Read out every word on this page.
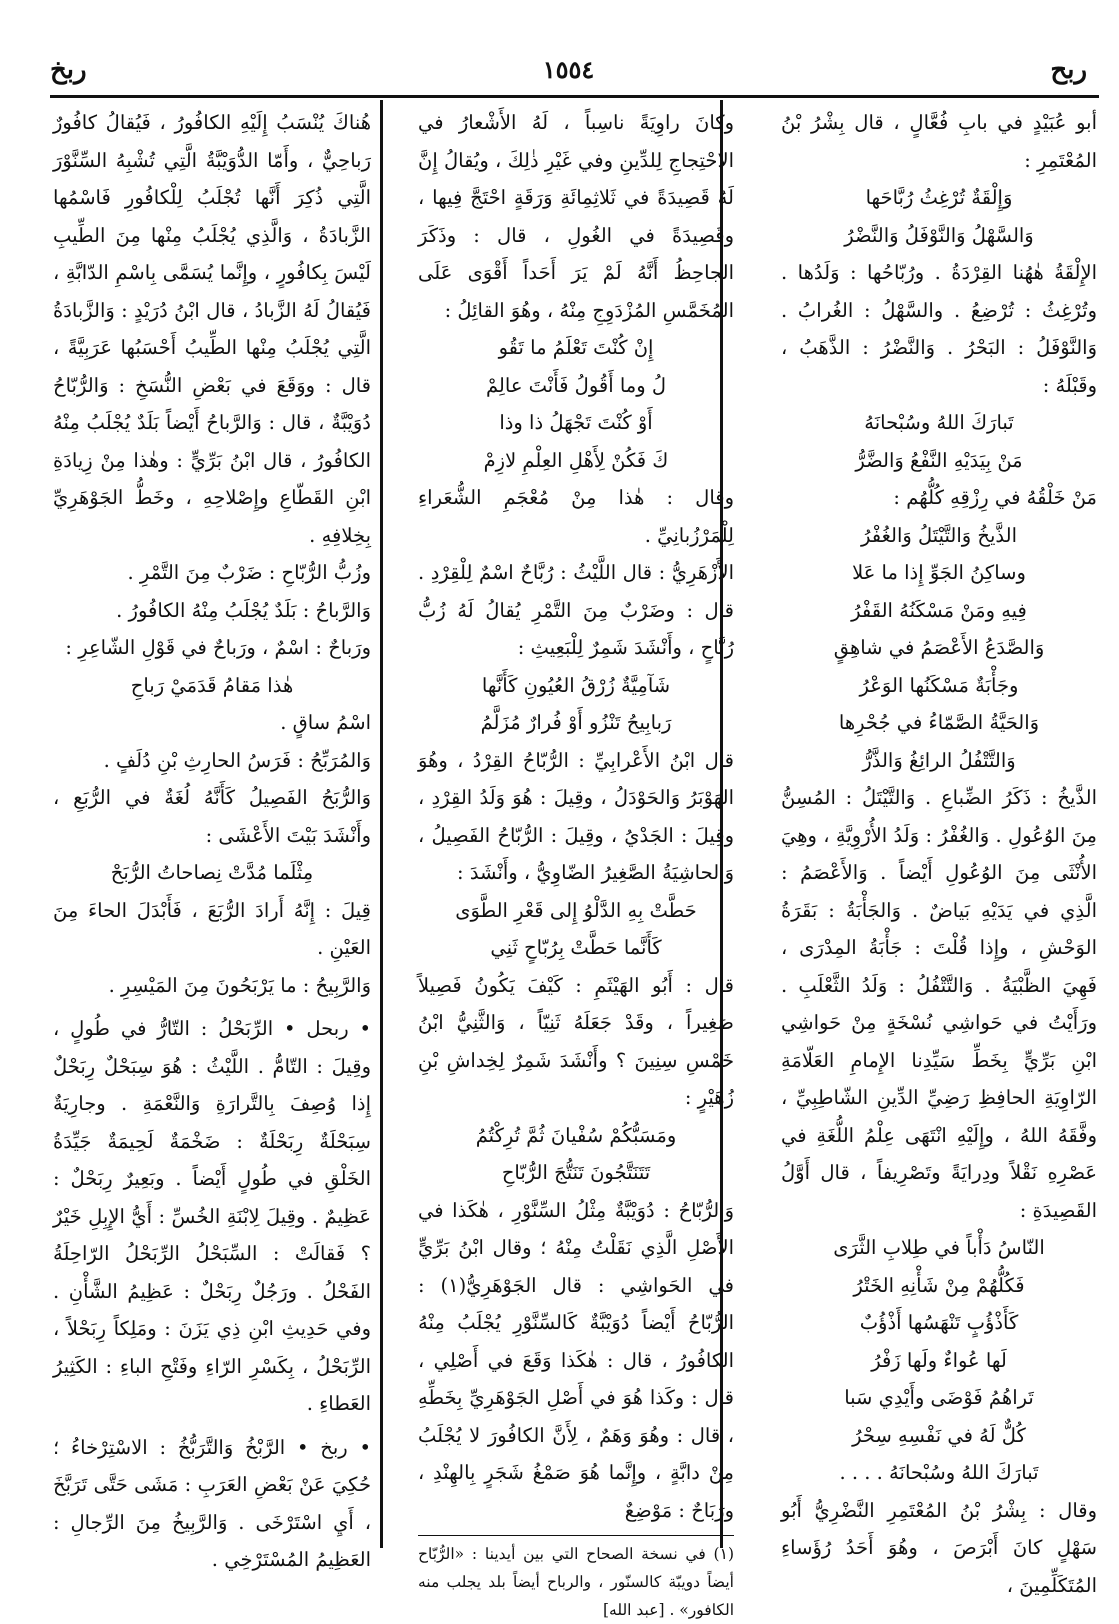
ربح
١٥٥٤
ربخ

أبو عُبَيْدٍ في بابِ فُعَّالٍ ، قال بِشْرُ بْنُ المُعْتَمِرِ :

وَإِلْقَةٌ تُرْغِثُ رُبَّاحَها

وَالسَّهْلُ وَالنَّوْفَلُ وَالنَّضْرُ

الإِلْقَةُ هٰهُنا القِرْدَةُ . ورُبّاحُها : وَلَدُها . وتُرْغِثُ : تُرْضِعُ . والسَّهْلُ : الغُرابُ . وَالنَّوْفَلُ : البَحْرُ . وَالنَّضْرُ : الذَّهَبُ ، وقَبْلَهُ :

تَبارَكَ اللهُ وسُبْحانَهُ

مَنْ بِيَدَيْهِ النَّفْعُ وَالضَّرُّ

مَنْ خَلْقُهُ في رِزْقِهِ كُلُّهُم :

الذَّيخُ وَالتَّيْتَلُ وَالغُفْرُ

وساكِنُ الجَوِّ إِذا ما عَلا

فِيهِ ومَنْ مَسْكَنُهُ القَفْرُ

وَالصَّدَعُ الأَعْصَمُ في شاهِقٍ

وجَأْبَةٌ مَسْكَنُها الوَعْرُ

وَالحَيَّةُ الصَّمّاءُ في جُحْرِها

وَالتَّتْفُلُ الرائِغُ وَالذَّرُّ

الذَّيخُ : ذَكَرُ الضِّباعِ . وَالتَّيْتَلُ : المُسِنُّ مِنَ الوُعُولِ . وَالغُفْرُ : وَلَدُ الأُرْوِيَّةِ ، وهِيَ الأُنْثَى مِنَ الوُعُولِ أَيْضاً . وَالأَعْصَمُ : الَّذِي في يَدَيْهِ بَياضٌ . وَالجَأْبَةُ : بَقَرَةُ الوَحْشِ ، وإِذا قُلْتَ : جَأْبَةُ المِدْرَى ، فَهِيَ الظَّبْيَةُ . وَالتَّتْفُلُ : وَلَدُ الثَّعْلَبِ . ورَأَيْتُ في حَواشِي نُسْخَةٍ مِنْ حَواشِي ابْنِ بَرِّيٍّ بِخَطِّ سَيِّدِنا الإِمامِ العَلّامَةِ الرّاوِيَةِ الحافِظِ رَضِيِّ الدِّينِ الشّاطِبِيِّ ، وفَّقَهُ اللهُ ، وإِلَيْهِ انْتَهَى عِلْمُ اللُّغَةِ في عَصْرِهِ نَقْلاً ودِرايَةً وتَصْرِيفاً ، قال أَوَّلُ القَصِيدَةِ :

النّاسُ دَأْباً في طِلابِ الثَّرَى

فَكُلُّهُمْ مِنْ شَأْنِهِ الخَتْرُ

كَأَذْؤُبٍ تَنْهَسُها أَذْؤُبٌ

لَها عُواءٌ ولَها زَفْرُ

تَراهُمُ فَوْضَى وأَيْدِي سَبا

كُلٌّ لَهُ في نَفْسِهِ سِحْرُ

تَبارَكَ اللهُ وسُبْحانَهُ . . . .

وقال : بِشْرُ بْنُ المُعْتَمِرِ النَّضْرِيُّ أَبُو سَهْلٍ كانَ أَبْرَصَ ، وهُوَ أَحَدُ رُؤَساءِ المُتَكَلِّمِينَ ،

وكانَ راوِيَةً ناسِباً ، لَهُ الأَشْعارُ في الاحْتِجاجِ لِلدِّينِ وفي غَيْرِ ذٰلِكَ ، ويُقالُ إِنَّ لَهُ قَصِيدَةً في ثَلاثِمِائَةِ وَرَقَةٍ احْتَجَّ فِيها ، وقَصِيدَةً في الغُولِ ، قال : وذَكَرَ الجاحِظُ أَنَّهُ لَمْ يَرَ أَحَداً أَقْوَى عَلَى المُخَمَّسِ المُزْدَوِجِ مِنْهُ ، وهُوَ القائِلُ :

إِنْ كُنْتَ تَعْلَمُ ما تَقُو

لُ وما أَقُولُ فَأَنْتَ عالِمْ

أَوْ كُنْتَ تَجْهَلُ ذا وذا

كَ فَكُنْ لِأَهْلِ العِلْمِ لازِمْ

وقال : هٰذا مِنْ مُعْجَمِ الشُّعَراءِ لِلْمَرْزُبانِيِّ .

الأَزْهَرِيُّ : قال اللَّيْثُ : رُبَّاحٌ اسْمٌ لِلْقِرْدِ . قال : وضَرْبٌ مِنَ التَّمْرِ يُقالُ لَهُ زُبُّ رُبَّاحٍ ، وأَنْشَدَ شَمِرٌ لِلْبَعِيثِ :

شَآمِيَّةٌ زُرْقُ العُيُونِ كَأَنَّها

رَبابِيحُ تَنْزُو أَوْ فُرارٌ مُزَلَّمُ

قال ابْنُ الأَعْرابِيِّ : الرُّبّاحُ القِرْدُ ، وهُوَ الهَوْبَرُ وَالحَوْدَلُ ، وقِيلَ : هُوَ وَلَدُ القِرْدِ ، وقِيلَ : الجَدْيُ ، وقِيلَ : الرُّبّاحُ الفَصِيلُ ، وَالحاشِيَةُ الصَّغِيرُ الضّاوِيُّ ، وأَنْشَدَ :

حَطَّتْ بِهِ الدَّلْوُ إِلى قَعْرِ الطَّوَى

كَأَنَّما حَطَّتْ بِرُبّاحٍ ثَنِي

قال : أَبُو الهَيْثَمِ : كَيْفَ يَكُونُ فَصِيلاً صَغِيراً ، وقَدْ جَعَلَهُ ثَنِيّاً ، وَالثَّنِيُّ ابْنُ خَمْسِ سِنِينَ ؟ وأَنْشَدَ شَمِرٌ لِخِداشِ بْنِ زُهَيْرٍ :

ومَسَبُّكُمْ سُفْيانَ ثُمَّ تُرِكْتُمُ

تَتَنَتَّجُونَ تَنَتُّجَ الرُّبّاحِ

وَالرُّبّاحُ : دُوَيْبَّةٌ مِثْلُ السِّنَّوْرِ ، هٰكَذا في الأَصْلِ الَّذِي نَقَلْتُ مِنْهُ ؛ وقال ابْنُ بَرِّيٍّ في الحَواشِي : قال الجَوْهَرِيُّ(١) : الرُّبّاحُ أَيْضاً دُوَيْبَّةٌ كَالسِّنَّوْرِ يُجْلَبُ مِنْهُ الكافُورُ ، قال : هٰكَذا وَقَعَ في أَصْلِي ، قال : وكَذا هُوَ في أَصْلِ الجَوْهَرِيِّ بِخَطِّهِ ، قال : وهُوَ وَهَمٌ ، لِأَنَّ الكافُورَ لا يُجْلَبُ مِنْ دابَّةٍ ، وإِنَّما هُوَ صَمْغُ شَجَرٍ بِالهِنْدِ ، ورَبَاحٌ : مَوْضِعٌ

(١) في نسخة الصحاح التي بين أيدينا : «الرُّبّاح أيضاً دويبّة كالسنّور ، والرباح أيضاً بلد يجلب منه الكافور» . [عبد الله]

هُناكَ يُنْسَبُ إِلَيْهِ الكافُورُ ، فَيُقالُ كافُورٌ رَباحِيٌّ ، وأَمّا الدُّوَيْبَّةُ الَّتِي تُشْبِهُ السِّنَّوْرَ الَّتِي ذُكِرَ أَنَّها تُجْلَبُ لِلْكافُورِ فَاسْمُها الزَّبادَةُ ، وَالَّذِي يُجْلَبُ مِنْها مِنَ الطِّيبِ لَيْسَ بِكافُورٍ ، وإِنَّما يُسَمَّى بِاسْمِ الدّابَّةِ ، فَيُقالُ لَهُ الزَّبادُ ، قال ابْنُ دُرَيْدٍ : وَالزَّبادَةُ الَّتِي يُجْلَبُ مِنْها الطِّيبُ أَحْسَبُها عَرَبِيَّةً ، قال : ووَقَعَ في بَعْضِ النُّسَخِ : وَالرُّبّاحُ دُوَيْبَّةٌ ، قال : وَالرَّباحُ أَيْضاً بَلَدٌ يُجْلَبُ مِنْهُ الكافُورُ ، قال ابْنُ بَرِّيٍّ : وهٰذا مِنْ زِيادَةِ ابْنِ القَطّاعِ وإِصْلاحِهِ ، وخَطُّ الجَوْهَرِيِّ بِخِلافِهِ .

وزُبُّ الرُّبّاحِ : ضَرْبٌ مِنَ التَّمْرِ .

وَالرَّباحُ : بَلَدٌ يُجْلَبُ مِنْهُ الكافُورُ .

ورَباحٌ : اسْمٌ ، ورَباحٌ في قَوْلِ الشّاعِرِ :

هٰذا مَقامُ قَدَمَيْ رَباحِ

اسْمُ ساقٍ .

وَالمُرَبِّحُ : فَرَسُ الحارِثِ بْنِ دُلَفٍ .

وَالرُّبَحُ الفَصِيلُ كَأَنَّهُ لُغَةٌ في الرُّبَعِ ، وأَنْشَدَ بَيْتَ الأَعْشَى :

مِثْلَما مُدَّتْ نِصاحاتُ الرُّبَحْ

قِيلَ : إِنَّهُ أَرادَ الرُّبَعَ ، فَأَبْدَلَ الحاءَ مِنَ العَيْنِ .

وَالرَّبِيحُ : ما يَرْبَحُونَ مِنَ المَيْسِرِ .

• ربحل • الرِّبَحْلُ : التّارُّ في طُولٍ ، وقِيلَ : التّامُّ . اللَّيْثُ : هُوَ سِبَحْلٌ رِبَحْلٌ إِذا وُصِفَ بِالتَّرارَةِ وَالنَّعْمَةِ . وجارِيَةٌ سِبَحْلَةٌ رِبَحْلَةٌ : ضَخْمَةٌ لَحِيمَةٌ جَيِّدَةُ الخَلْقِ في طُولٍ أَيْضاً . وبَعِيرٌ رِبَحْلٌ : عَظِيمٌ . وقِيلَ لِابْنَةِ الخُسِّ : أَيُّ الإِبِلِ خَيْرٌ ؟ فَقالَتْ : السِّبَحْلُ الرِّبَحْلُ الرّاحِلَةُ الفَحْلُ . ورَجُلٌ رِبَحْلٌ : عَظِيمُ الشَّأْنِ . وفي حَدِيثِ ابْنِ ذِي يَزَنَ : ومَلِكاً رِبَحْلاً ، الرِّبَحْلُ ، بِكَسْرِ الرّاءِ وفَتْحِ الباءِ : الكَثِيرُ العَطاءِ .

• ربخ • الرَّبْخُ وَالتَّرَبُّخُ : الاسْتِرْخاءُ ؛ حُكِيَ عَنْ بَعْضِ العَرَبِ : مَشَى حَتَّى تَرَبَّخَ ، أَيِ اسْتَرْخَى . وَالرَّبِيخُ مِنَ الرِّجالِ : العَظِيمُ المُسْتَرْخِي .
